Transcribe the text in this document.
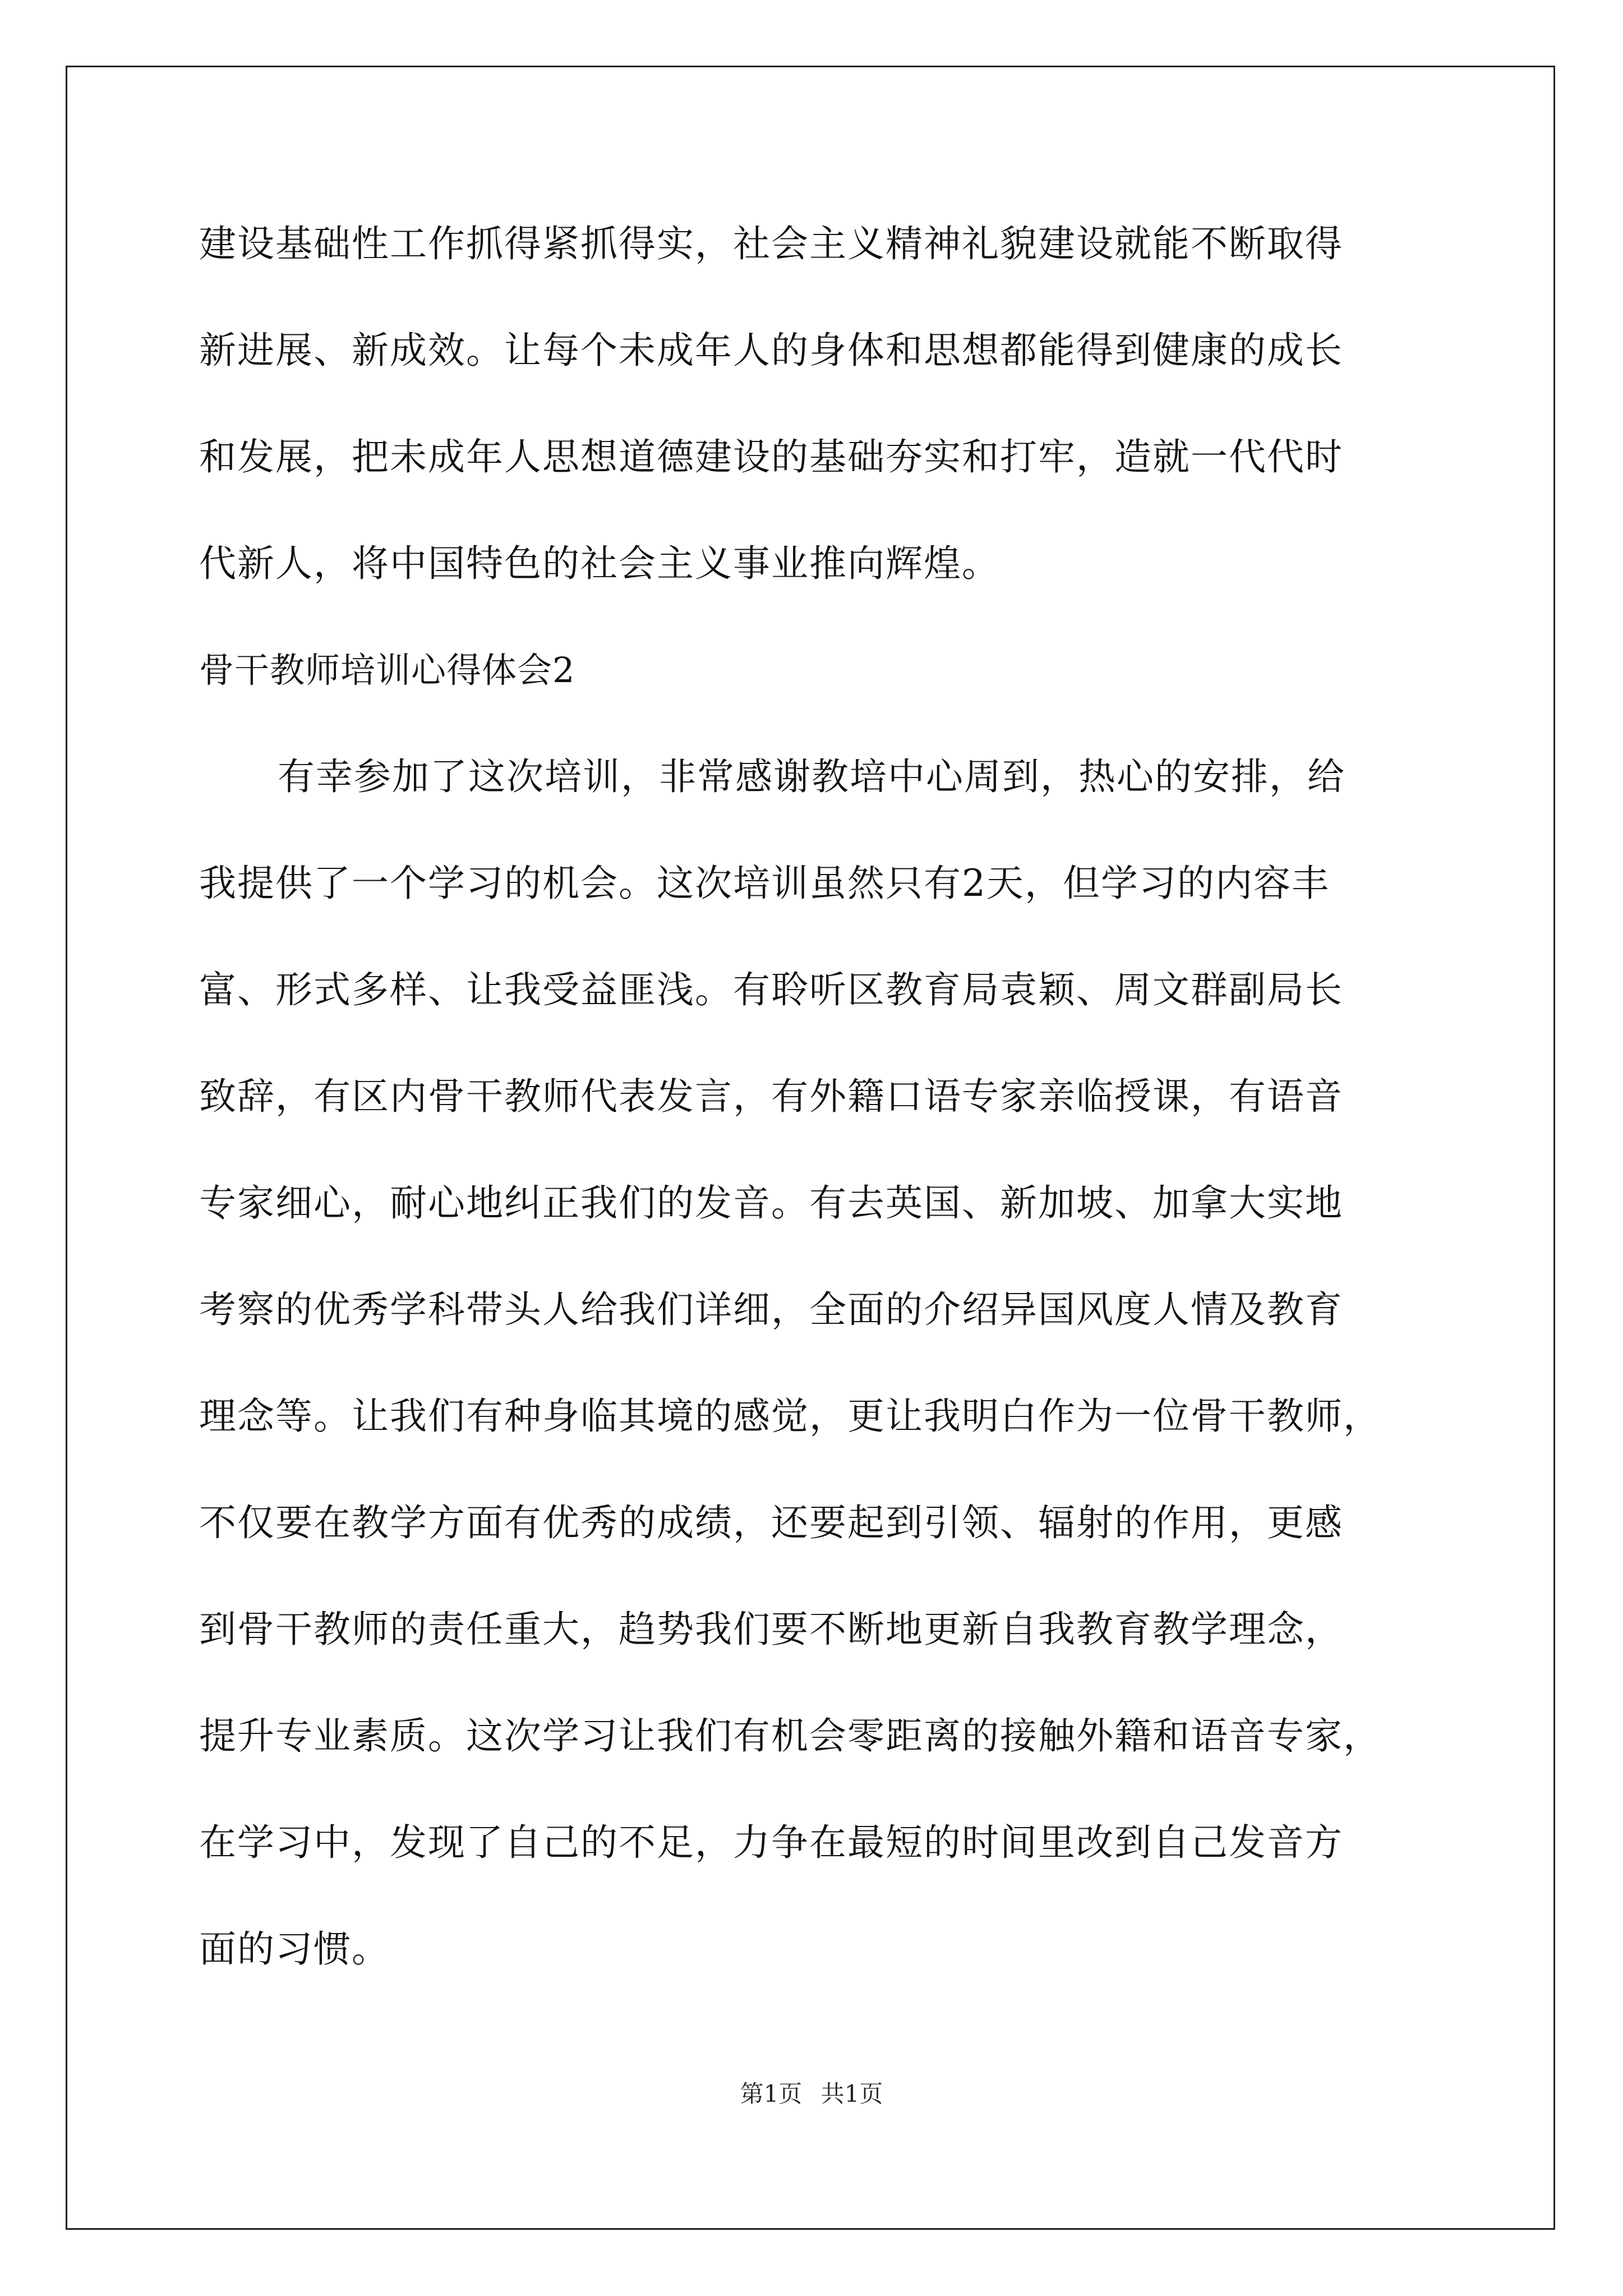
建设基础性工作抓得紧抓得实，社会主义精神礼貌建设就能不断取得
新进展、新成效。让每个未成年人的身体和思想都能得到健康的成长
和发展，把未成年人思想道德建设的基础夯实和打牢，造就一代代时
代新人，将中国特色的社会主义事业推向辉煌。
骨干教师培训心得体会2
有幸参加了这次培训，非常感谢教培中心周到，热心的安排，给
我提供了一个学习的机会。这次培训虽然只有2天，但学习的内容丰
富、形式多样、让我受益匪浅。有聆听区教育局袁颖、周文群副局长
致辞，有区内骨干教师代表发言，有外籍口语专家亲临授课，有语音
专家细心，耐心地纠正我们的发音。有去英国、新加坡、加拿大实地
考察的优秀学科带头人给我们详细，全面的介绍异国风度人情及教育
理念等。让我们有种身临其境的感觉，更让我明白作为一位骨干教师，
不仅要在教学方面有优秀的成绩，还要起到引领、辐射的作用，更感
到骨干教师的责任重大，趋势我们要不断地更新自我教育教学理念，
提升专业素质。这次学习让我们有机会零距离的接触外籍和语音专家，
在学习中，发现了自己的不足，力争在最短的时间里改到自己发音方
面的习惯。
第1页 共1页
